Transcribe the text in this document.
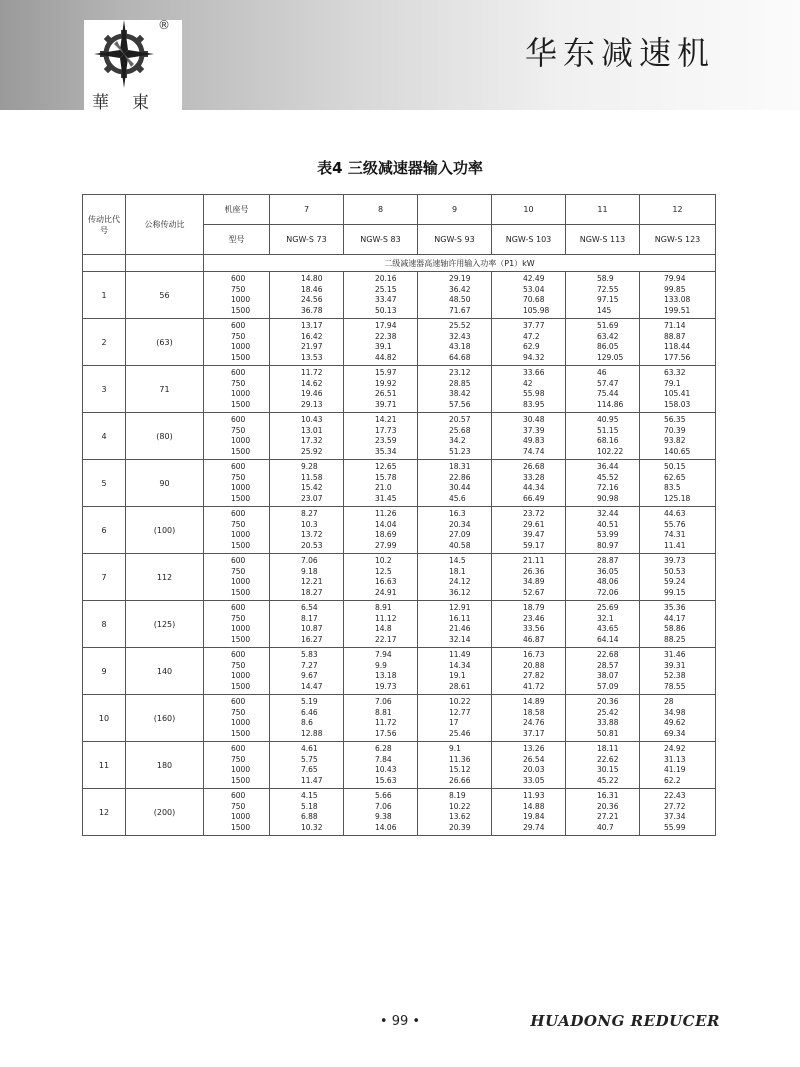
®
華 東
华东减速机
表4 三级减速器输入功率
传动比代号	公称传动比	机座号	7	8	9	10	11	12
		型号	NGW-S 73	NGW-S 83	NGW-S 93	NGW-S 103	NGW-S 113	NGW-S 123
		二级减速器高速轴许用输入功率（P1）kW						
1	56	600
750
1000
1500	14.80
18.46
24.56
36.78	20.16
25.15
33.47
50.13	29.19
36.42
48.50
71.67	42.49
53.04
70.68
105.98	58.9
72.55
97.15
145	79.94
99.85
133.08
199.51

2	(63)	600
750
1000
1500	13.17
16.42
21.97
13.53	17.94
22.38
39.1
44.82	25.52
32.43
43.18
64.68	37.77
47.2
62.9
94.32	51.69
63.42
86.05
129.05	71.14
88.87
118.44
177.56

3	71	600
750
1000
1500	11.72
14.62
19.46
29.13	15.97
19.92
26.51
39.71	23.12
28.85
38.42
57.56	33.66
42
55.98
83.95	46
57.47
75.44
114.86	63.32
79.1
105.41
158.03

4	(80)	600
750
1000
1500	10.43
13.01
17.32
25.92	14.21
17.73
23.59
35.34	20.57
25.68
34.2
51.23	30.48
37.39
49.83
74.74	40.95
51.15
68.16
102.22	56.35
70.39
93.82
140.65

5	90	600
750
1000
1500	9.28
11.58
15.42
23.07	12.65
15.78
21.0
31.45	18.31
22.86
30.44
45.6	26.68
33.28
44.34
66.49	36.44
45.52
72.16
90.98	50.15
62.65
83.5
125.18

6	(100)	600
750
1000
1500	8.27
10.3
13.72
20.53	11.26
14.04
18.69
27.99	16.3
20.34
27.09
40.58	23.72
29.61
39.47
59.17	32.44
40.51
53.99
80.97	44.63
55.76
74.31
11.41

7	112	600
750
1000
1500	7.06
9.18
12.21
18.27	10.2
12.5
16.63
24.91	14.5
18.1
24.12
36.12	21.11
26.36
34.89
52.67	28.87
36.05
48.06
72.06	39.73
50.53
59.24
99.15

8	(125)	600
750
1000
1500	6.54
8.17
10.87
16.27	8.91
11.12
14.8
22.17	12.91
16.11
21.46
32.14	18.79
23.46
33.56
46.87	25.69
32.1
43.65
64.14	35.36
44.17
58.86
88.25

9	140	600
750
1000
1500	5.83
7.27
9.67
14.47	7.94
9.9
13.18
19.73	11.49
14.34
19.1
28.61	16.73
20.88
27.82
41.72	22.68
28.57
38.07
57.09	31.46
39.31
52.38
78.55

10	(160)	600
750
1000
1500	5.19
6.46
8.6
12.88	7.06
8.81
11.72
17.56	10.22
12.77
17
25.46	14.89
18.58
24.76
37.17	20.36
25.42
33.88
50.81	28
34.98
49.62
69.34

11	180	600
750
1000
1500	4.61
5.75
7.65
11.47	6.28
7.84
10.43
15.63	9.1
11.36
15.12
26.66	13.26
26.54
20.03
33.05	18.11
22.62
30.15
45.22	24.92
31.13
41.19
62.2

12	(200)	600
750
1000
1500	4.15
5.18
6.88
10.32	5.66
7.06
9.38
14.06	8.19
10.22
13.62
20.39	11.93
14.88
19.84
29.74	16.31
20.36
27.21
40.7	22.43
27.72
37.34
55.99
• 99 •	HUADONG REDUCER
